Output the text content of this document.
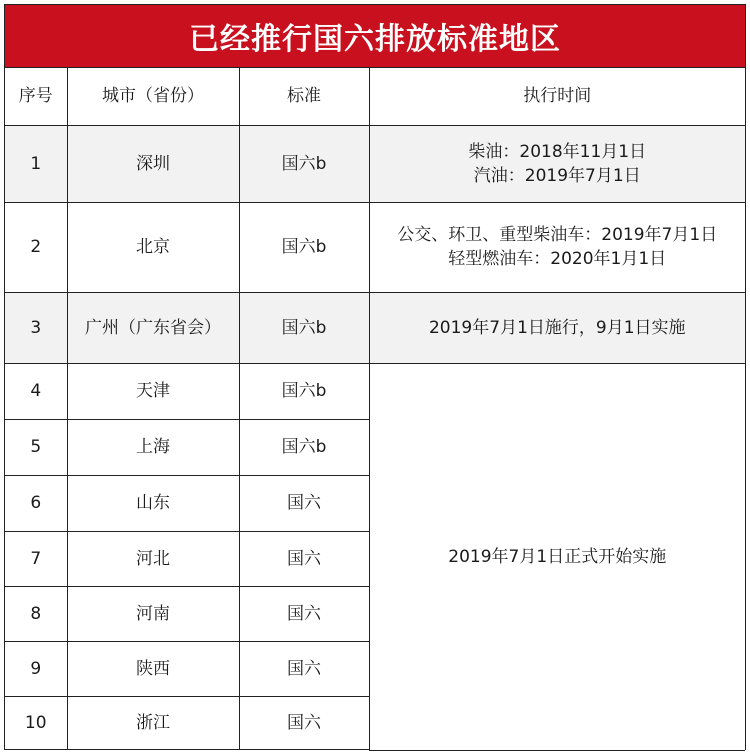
已经推行国六排放标准地区
序号	城市（省份）	标准	执行时间
1	深圳	国六b	柴油：2018年11月1日
汽油：2019年7月1日

2	北京	国六b	公交、环卫、重型柴油车：2019年7月1日
轻型燃油车：2020年1月1日

3	广州（广东省会）	国六b	2019年7月1日施行，9月1日实施
4	天津	国六b	2019年7月1日正式开始实施
5	上海	国六b	
6	山东	国六	
7	河北	国六	
8	河南	国六	
9	陕西	国六	
10	浙江	国六	
